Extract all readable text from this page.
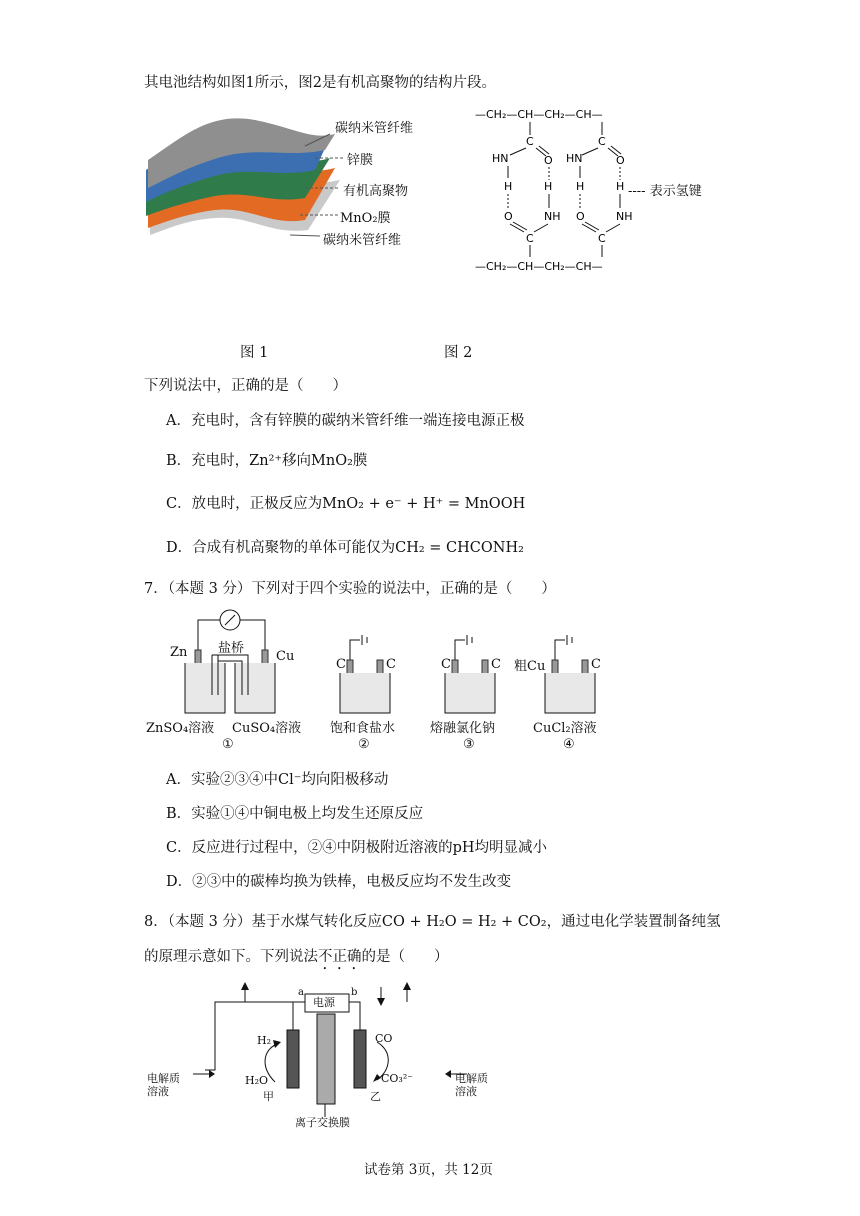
其电池结构如图1所示，图2是有机高聚物的结构片段。
碳纳米管纤维
锌膜
有机高聚物
MnO₂膜
碳纳米管纤维
—CH₂—CH—CH₂—CH—
C	C
HN	O HN	O
H	H H	H
O	NH O	NH
C	C
—CH₂—CH—CH₂—CH—
---- 表示氢键
图 1	图 2
下列说法中，正确的是（　　）
A．充电时，含有锌膜的碳纳米管纤维一端连接电源正极
B．充电时，Zn²⁺移向MnO₂膜
C．放电时，正极反应为MnO₂ + e⁻ + H⁺ = MnOOH
D．合成有机高聚物的单体可能仅为CH₂ = CHCONH₂
7．（本题 3 分）下列对于四个实验的说法中，正确的是（　　）
盐桥
Zn	Cu
C	C	C	C 粗Cu	C
ZnSO₄溶液 CuSO₄溶液 饱和食盐水	熔融氯化钠	CuCl₂溶液
①	②	③	④
A．实验②③④中Cl⁻均向阳极移动
B．实验①④中铜电极上均发生还原反应
C．反应进行过程中，②④中阴极附近溶液的pH均明显减小
D．②③中的碳棒均换为铁棒，电极反应均不发生改变
8．（本题 3 分）基于水煤气转化反应CO + H₂O = H₂ + CO₂，通过电化学装置制备纯氢
的原理示意如下。下列说法不正确的是（　　）
电源
a	b
H₂
H₂O
CO
CO₃²⁻
甲	乙
电解质
溶液
电解质
溶液
离子交换膜
试卷第 3页，共 12页
